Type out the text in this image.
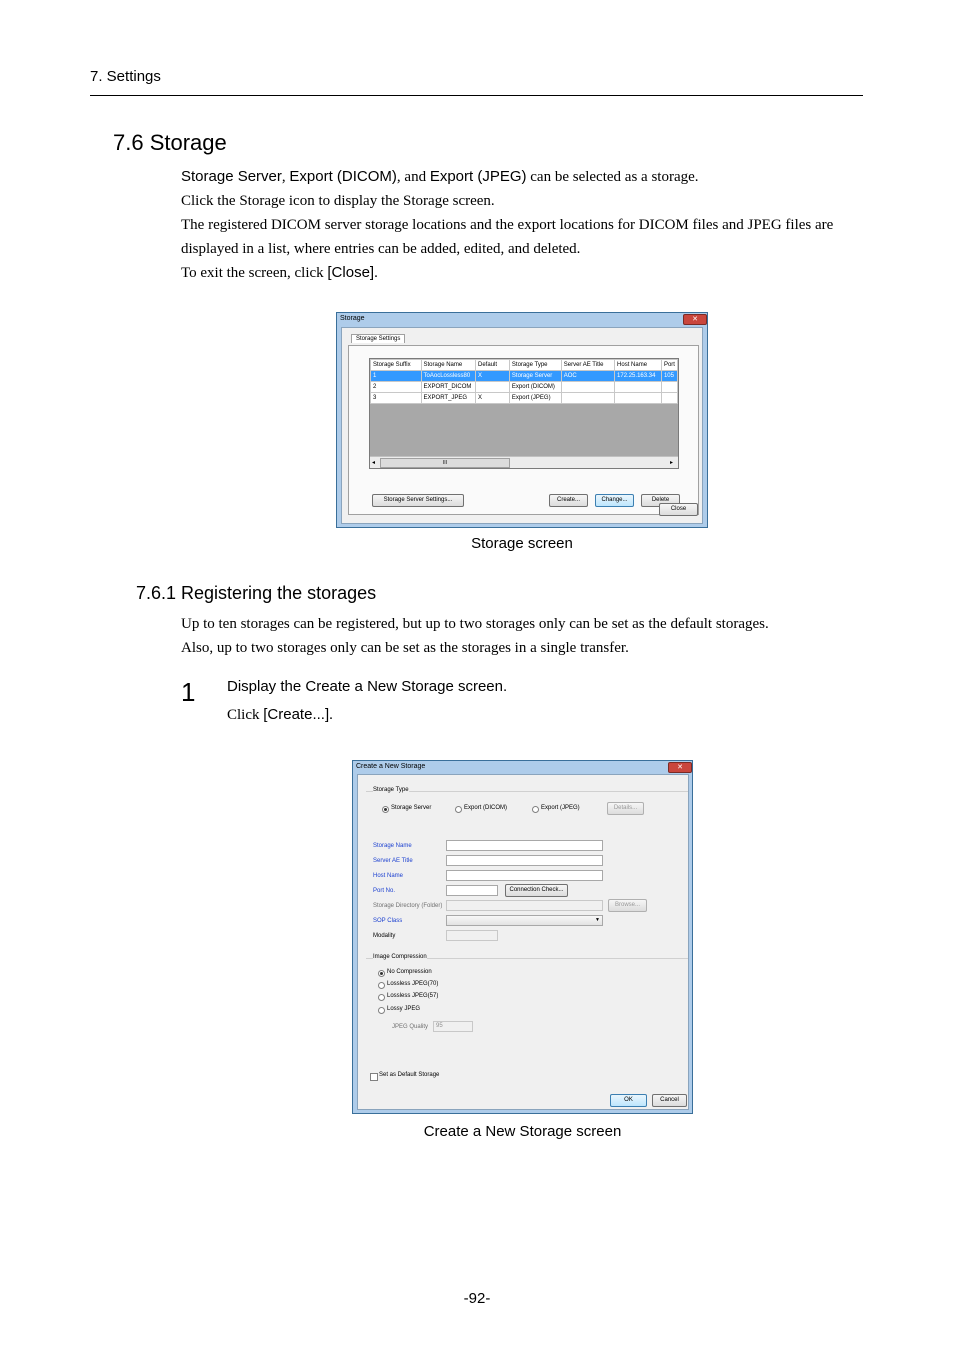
7. Settings
7.6 Storage
Storage Server, Export (DICOM), and Export (JPEG) can be selected as a storage.
Click the Storage icon to display the Storage screen.
The registered DICOM server storage locations and the export locations for DICOM files and JPEG files are displayed in a list, where entries can be added, edited, and deleted.
To exit the screen, click [Close].
Storage	✕
Storage Settings
Storage Suffix	Storage Name	Default	Storage Type	Server AE Title	Host Name	Port
1	ToAocLossless80	X	Storage Server	AOC	172.25.163.34	105
2	EXPORT_DICOM		Export (DICOM)			
3	EXPORT_JPEG	X	Export (JPEG)			
◂	III	▸
Storage Server Settings...	Create...	Change...	Delete
Close
Storage screen
7.6.1 Registering the storages
Up to ten storages can be registered, but up to two storages only can be set as the default storages.
Also, up to two storages only can be set as the storages in a single transfer.
1 Display the Create a New Storage screen.
Click [Create...].
Create a New Storage	✕
Storage Type
Storage Server	Export (DICOM)	Export (JPEG)	Details...
Storage Name
Server AE Title
Host Name
Port No.	Connection Check...
Storage Directory (Folder)	Browse...
SOP Class	▼
Modality
Image Compression
No Compression
Lossless JPEG(70)
Lossless JPEG(57)
Lossy JPEG
JPEG Quality	95
Set as Default Storage
OK	Cancel
Create a New Storage screen
-92-
